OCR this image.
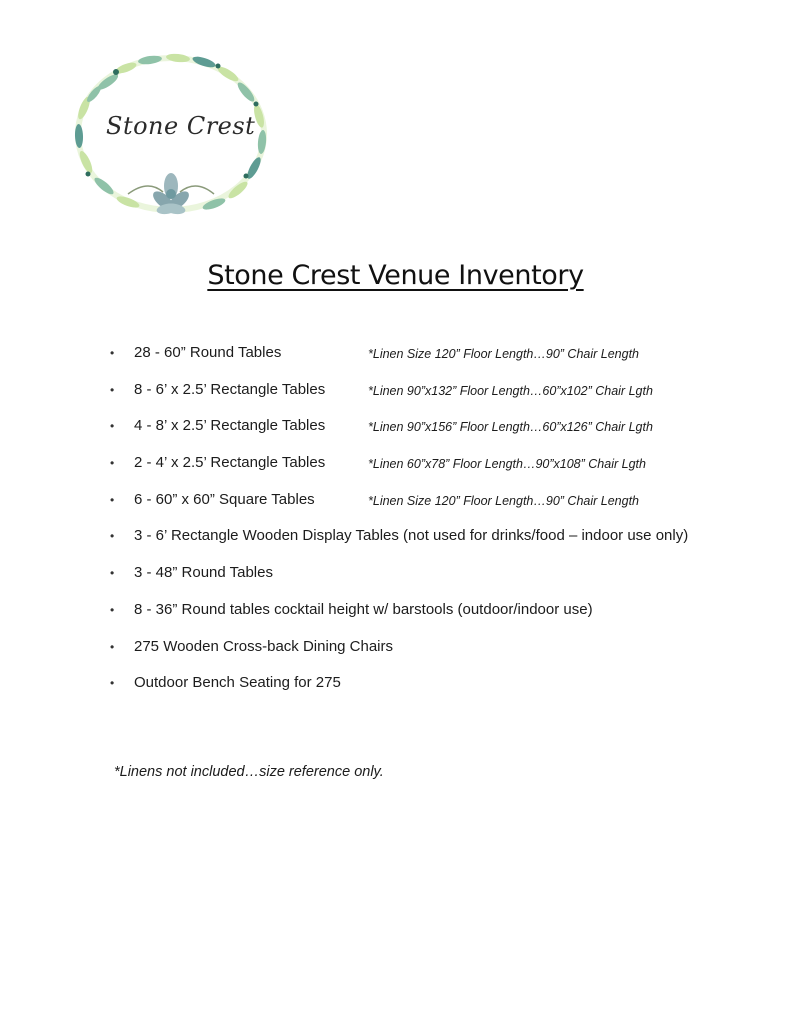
Stone Crest
Stone Crest Venue Inventory
• 28 - 60” Round Tables	*Linen Size 120” Floor Length…90” Chair Length
• 8 - 6’ x 2.5’ Rectangle Tables	*Linen 90”x132” Floor Length…60”x102” Chair Lgth
• 4 - 8’ x 2.5’ Rectangle Tables	*Linen 90”x156” Floor Length…60”x126” Chair Lgth
• 2 - 4’ x 2.5’ Rectangle Tables	*Linen 60”x78” Floor Length…90”x108” Chair Lgth
• 6 - 60” x 60” Square Tables	*Linen Size 120” Floor Length…90” Chair Length
• 3 - 6’ Rectangle Wooden Display Tables (not used for drinks/food – indoor use only)
• 3 - 48” Round Tables
• 8 - 36” Round tables cocktail height w/ barstools (outdoor/indoor use)
• 275 Wooden Cross-back Dining Chairs
• Outdoor Bench Seating for 275

*Linens not included…size reference only.
